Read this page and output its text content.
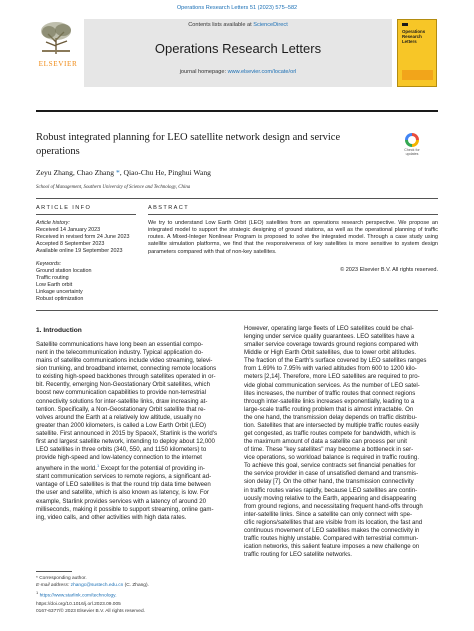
Operations Research Letters 51 (2023) 575–582
ELSEVIER
Contents lists available at ScienceDirect
Operations Research Letters
journal homepage: www.elsevier.com/locate/orl
Operations Research Letters
Robust integrated planning for LEO satellite network design and service operations	Check for updates
Zeyu Zhang, Chao Zhang *, Qiao-Chu He, Pinghui Wang
School of Management, Southern University of Science and Technology, China
ARTICLE INFO	ABSTRACT
Article history:
Received 14 January 2023
Received in revised form 24 June 2023
Accepted 8 September 2023
Available online 19 September 2023
Keywords:
Ground station location
Traffic routing
Low Earth orbit
Linkage uncertainty
Robust optimization
We try to understand Low Earth Orbit (LEO) satellites from an operations research perspective. We propose an integrated model to support the strategic designing of ground stations, as well as the operational planning of traffic routes. A Mixed-Integer Nonlinear Program is proposed to solve the integrated model. Through a case study using satellite simulation platforms, we find that the responsiveness of key satellites is more sensitive to system design parameters compared with that of non-key satellites.
© 2023 Elsevier B.V. All rights reserved.
1. Introduction
Satellite communications have long been an essential compo-
nent in the telecommunication industry. Typical application do-
mains of satellite communications include video streaming, televi-
sion trunking, and broadband internet, connecting remote locations
to existing high-speed backbones through satellites operated in or-
bit. Recently, emerging Non-Geostationary Orbit satellites, which
boost new communication capabilities to provide non-terrestrial
connectivity solutions for inter-satellite links, draw increasing at-
tention. Specifically, a Non-Geostationary Orbit satellite that re-
volves around the Earth at a relatively low altitude, usually no
greater than 2000 kilometers, is called a Low Earth Orbit (LEO)
satellite. First announced in 2015 by SpaceX, Starlink is the world's
first and largest satellite network, intending to deploy about 12,000
LEO satellites in three orbits (340, 550, and 1150 kilometers) to
provide high-speed and low-latency connection to the internet
anywhere in the world.$^1$ Except for the potential of providing in-
stant communication services to remote regions, a significant ad-
vantage of LEO satellites is that the round trip data time between
the user and satellite, which is also known as latency, is low. For
example, Starlink provides services with a latency of around 20
milliseconds, making it possible to support streaming, online gam-
ing, video calls, and other activities with high data rates.
However, operating large fleets of LEO satellites could be chal-
lenging under service quality guarantees. LEO satellites have a
smaller service coverage towards ground regions compared with
Middle or High Earth Orbit satellites, due to lower orbit altitudes.
The fraction of the Earth's surface covered by LEO satellites ranges
from 1.69% to 7.95% with varied altitudes from 600 to 1200 kilo-
meters [2,14]. Therefore, more LEO satellites are required to pro-
vide global communication services. As the number of LEO satel-
lites increases, the number of traffic routes that connect regions
through inter-satellite links increases exponentially, leading to a
large-scale traffic routing problem that is almost intractable. On
the one hand, the transmission delay depends on traffic distribu-
tion. Satellites that are intersected by multiple traffic routes easily
get congested, as traffic routes compete for bandwidth, which is
the maximum amount of data a satellite can process per unit
of time. These "key satellites" may become a bottleneck in ser-
vice operations, so workload balance is required in traffic routing.
To achieve this goal, service contracts set financial penalties for
the service provider in case of unsatisfied demand and transmis-
sion delay [7]. On the other hand, the transmission connectivity
in traffic routes varies rapidly, because LEO satellites are contin-
uously moving relative to the Earth, appearing and disappearing
from ground regions, and necessitating frequent hand-offs through
inter-satellite links. Since a satellite can only connect with spe-
cific regions/satellites that are visible from its location, the fast and
continuous movement of LEO satellites makes the connectivity in
traffic routes highly unstable. Compared with terrestrial commun-
ication networks, this salient feature imposes a new challenge on
traffic routing for LEO satellite networks.
* Corresponding author.
E-mail address: zhangc@sustech.edu.cn (C. Zhang).
$^1$ https://www.starlink.com/technology.
https://doi.org/10.1016/j.orl.2023.09.005
0167-6377/© 2023 Elsevier B.V. All rights reserved.
